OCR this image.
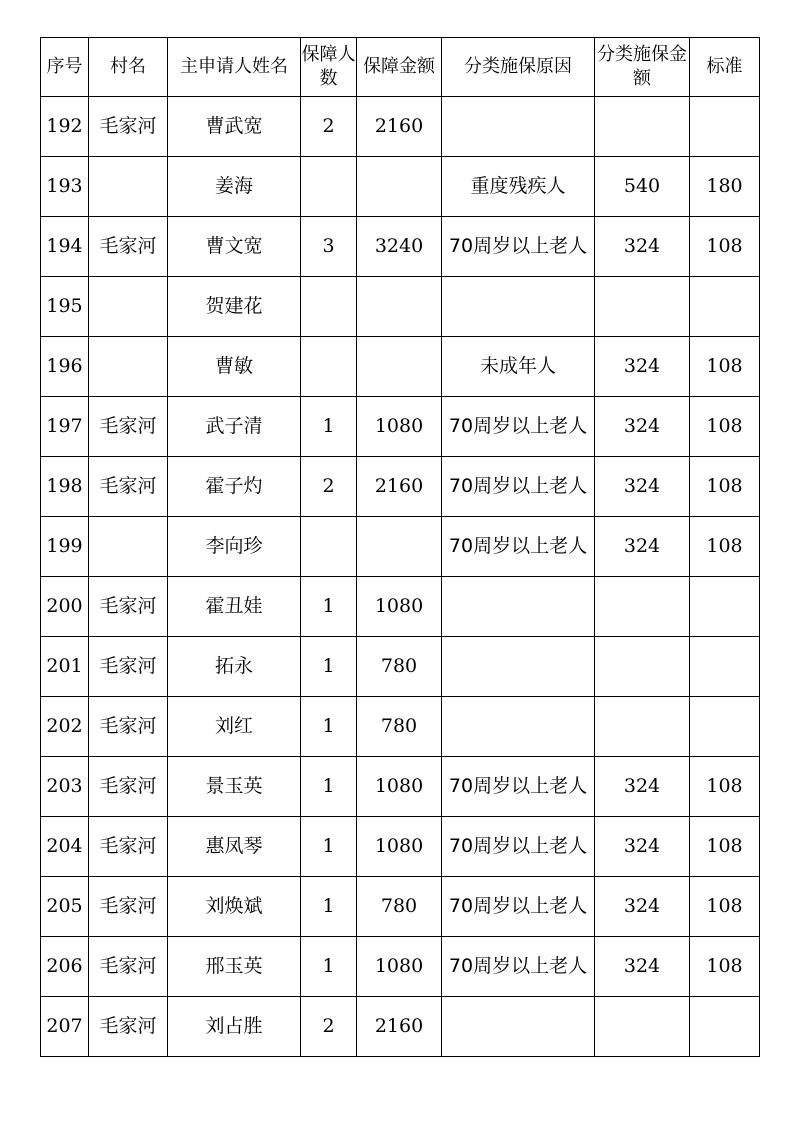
序号	村名	主申请人姓名	保障人数	保障金额	分类施保原因	分类施保金额	标准
192	毛家河	曹武宽	2	2160			
193		姜海			重度残疾人	540	180
194	毛家河	曹文宽	3	3240	70周岁以上老人	324	108
195		贺建花					
196		曹敏			未成年人	324	108
197	毛家河	武子清	1	1080	70周岁以上老人	324	108
198	毛家河	霍子灼	2	2160	70周岁以上老人	324	108
199		李向珍			70周岁以上老人	324	108
200	毛家河	霍丑娃	1	1080			
201	毛家河	拓永	1	780			
202	毛家河	刘红	1	780			
203	毛家河	景玉英	1	1080	70周岁以上老人	324	108
204	毛家河	惠凤琴	1	1080	70周岁以上老人	324	108
205	毛家河	刘焕斌	1	780	70周岁以上老人	324	108
206	毛家河	邢玉英	1	1080	70周岁以上老人	324	108
207	毛家河	刘占胜	2	2160			
